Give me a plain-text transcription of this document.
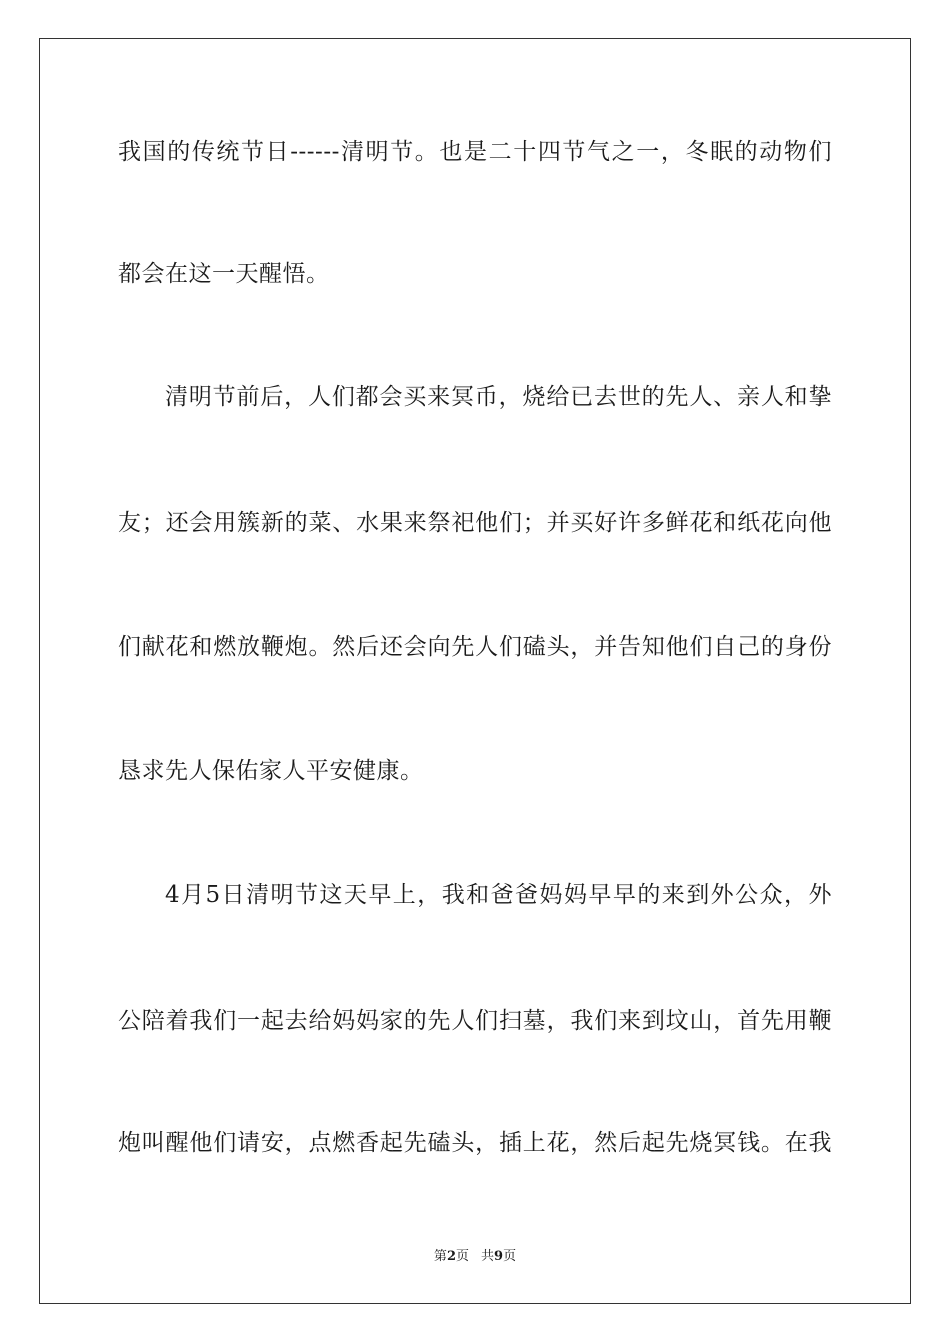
我国的传统节日------清明节。也是二十四节气之一，冬眠的动物们
都会在这一天醒悟。
清明节前后，人们都会买来冥币，烧给已去世的先人、亲人和挚
友；还会用簇新的菜、水果来祭祀他们；并买好许多鲜花和纸花向他
们献花和燃放鞭炮。然后还会向先人们磕头，并告知他们自己的身份
恳求先人保佑家人平安健康。
4月5日清明节这天早上，我和爸爸妈妈早早的来到外公众，外
公陪着我们一起去给妈妈家的先人们扫墓，我们来到坟山，首先用鞭
炮叫醒他们请安，点燃香起先磕头，插上花，然后起先烧冥钱。在我
第2页 共9页
